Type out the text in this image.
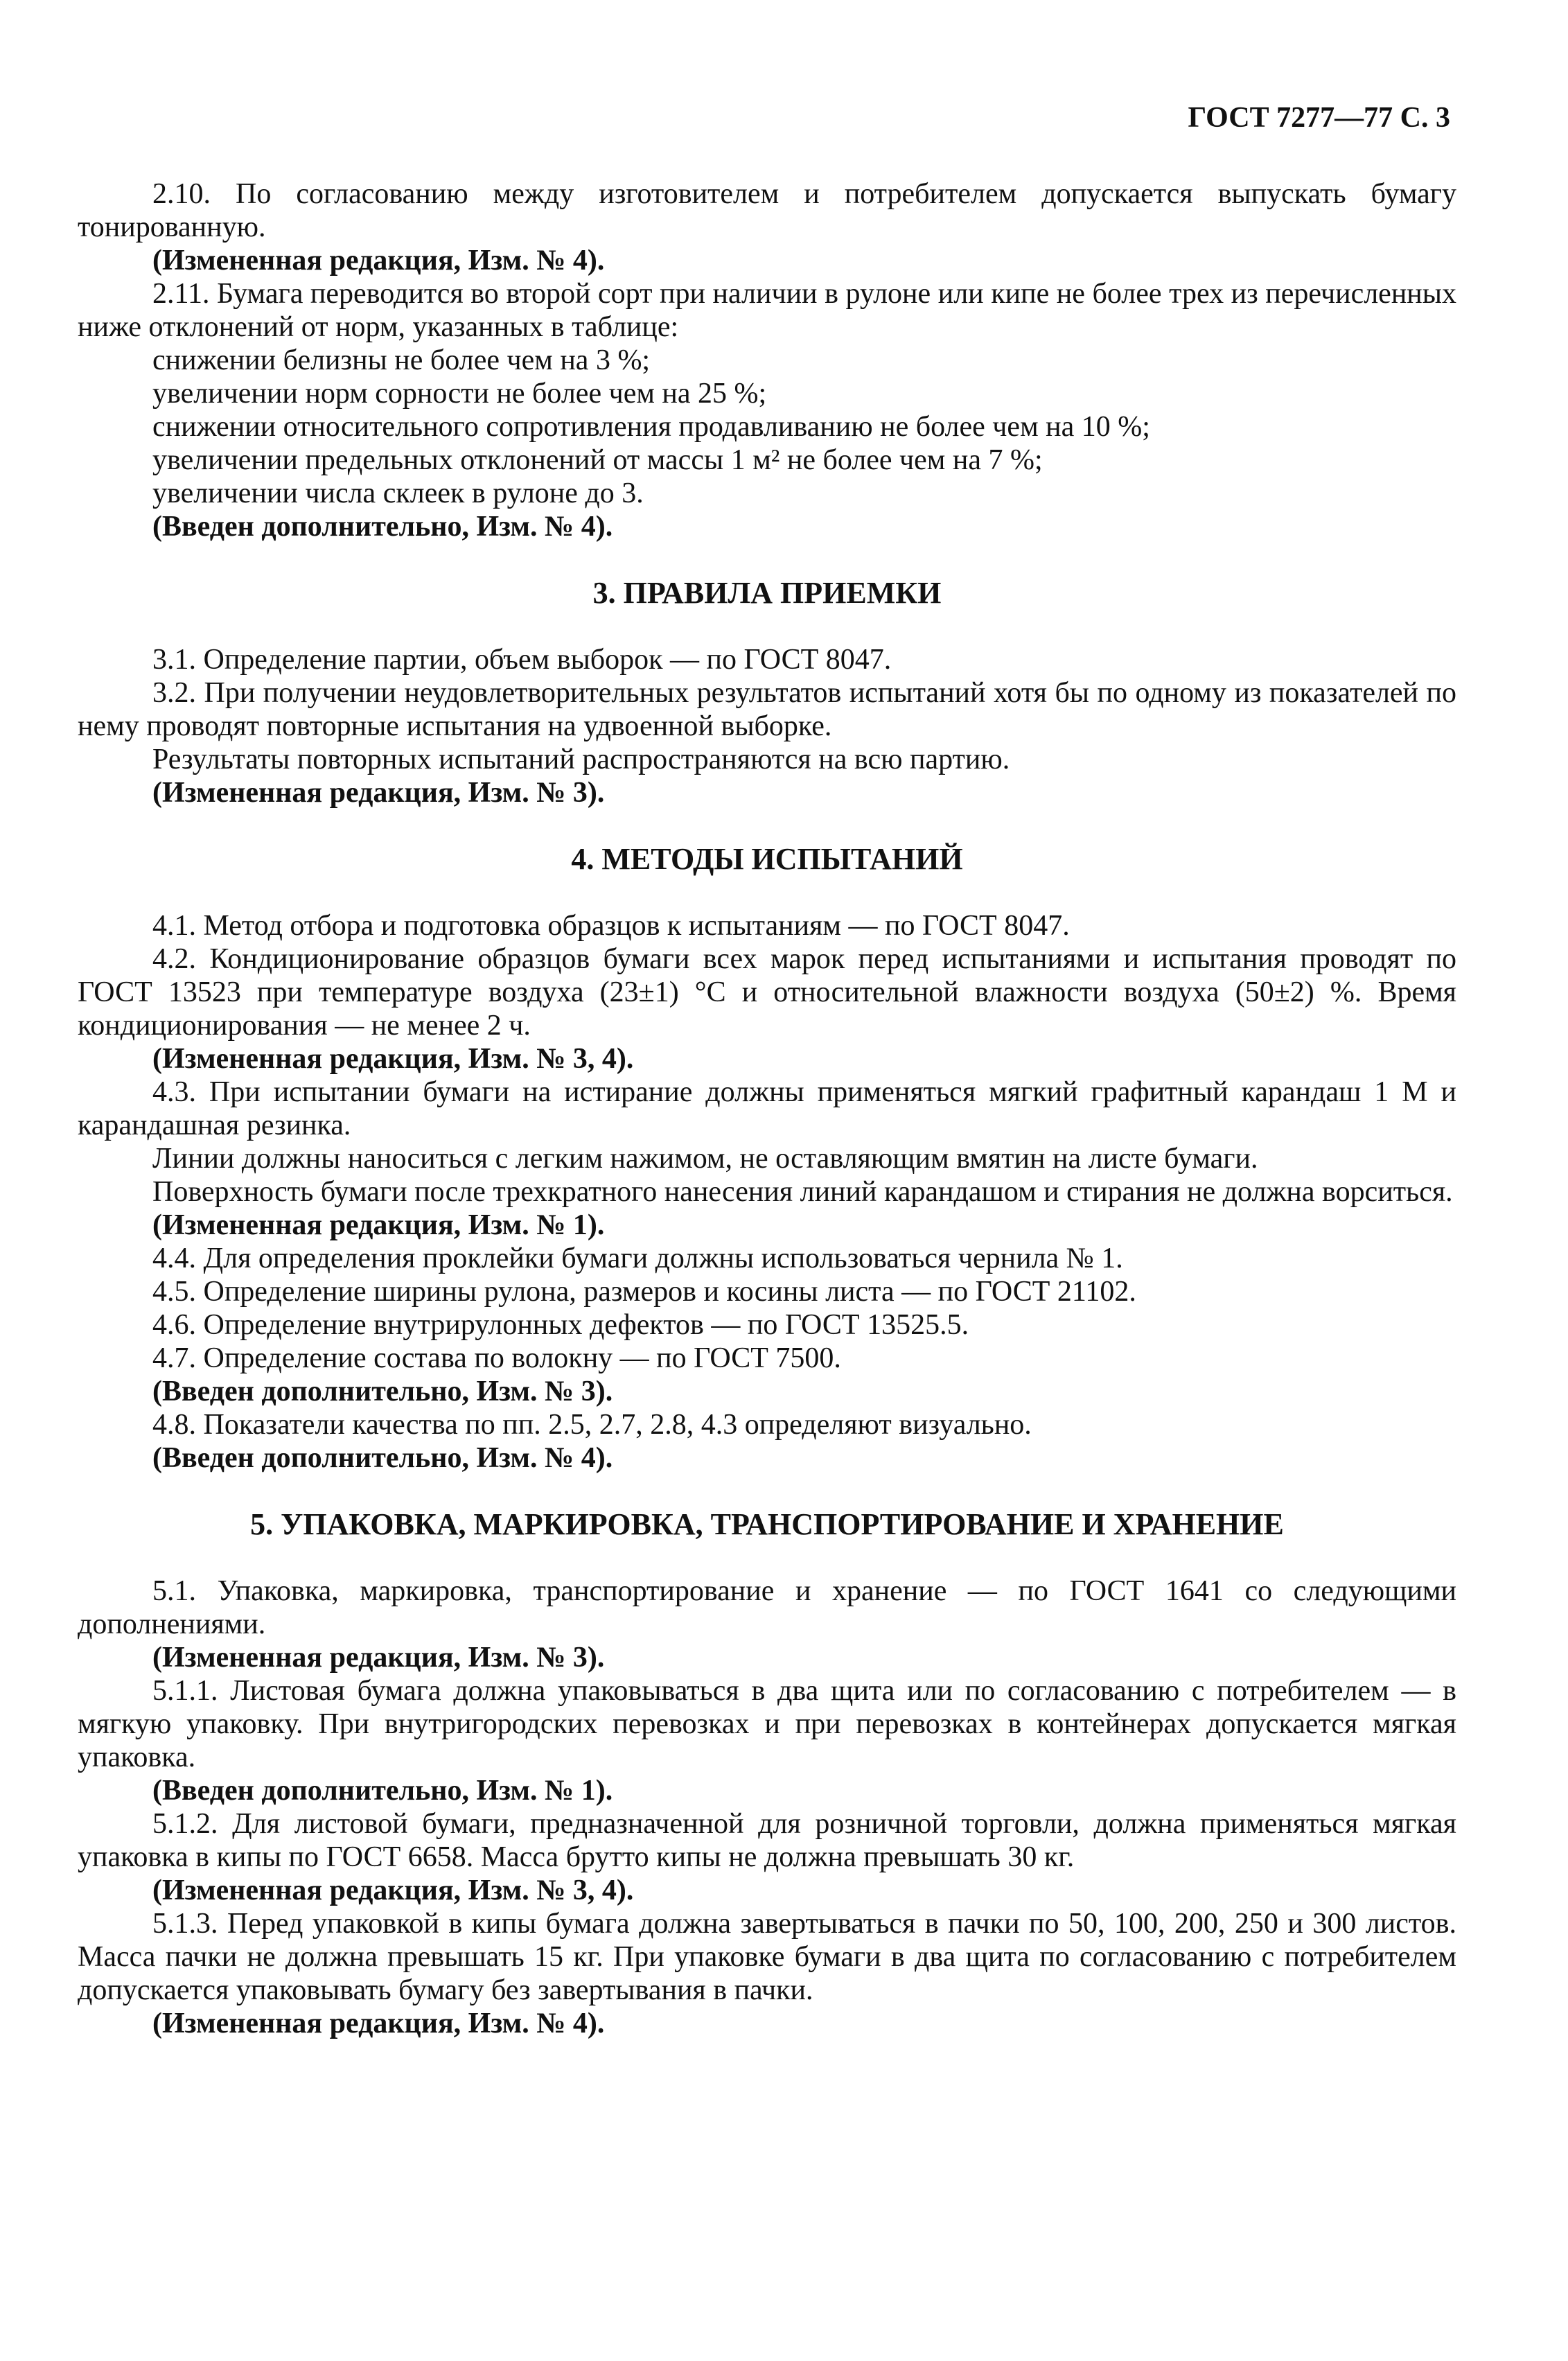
ГОСТ 7277—77 С. 3

2.10. По согласованию между изготовителем и потребителем допускается выпускать бумагу тонированную.

(Измененная редакция, Изм. № 4).

2.11. Бумага переводится во второй сорт при наличии в рулоне или кипе не более трех из перечисленных ниже отклонений от норм, указанных в таблице:

снижении белизны не более чем на 3 %;
увеличении норм сорности не более чем на 25 %;
снижении относительного сопротивления продавливанию не более чем на 10 %;
увеличении предельных отклонений от массы 1 м² не более чем на 7 %;
увеличении числа склеек в рулоне до 3.

(Введен дополнительно, Изм. № 4).

3. ПРАВИЛА ПРИЕМКИ

3.1. Определение партии, объем выборок — по ГОСТ 8047.

3.2. При получении неудовлетворительных результатов испытаний хотя бы по одному из показателей по нему проводят повторные испытания на удвоенной выборке.

Результаты повторных испытаний распространяются на всю партию.

(Измененная редакция, Изм. № 3).

4. МЕТОДЫ ИСПЫТАНИЙ

4.1. Метод отбора и подготовка образцов к испытаниям — по ГОСТ 8047.

4.2. Кондиционирование образцов бумаги всех марок перед испытаниями и испытания проводят по ГОСТ 13523 при температуре воздуха (23±1) °С и относительной влажности воздуха (50±2) %. Время кондиционирования — не менее 2 ч.

(Измененная редакция, Изм. № 3, 4).

4.3. При испытании бумаги на истирание должны применяться мягкий графитный карандаш 1 М и карандашная резинка.

Линии должны наноситься с легким нажимом, не оставляющим вмятин на листе бумаги.

Поверхность бумаги после трехкратного нанесения линий карандашом и стирания не должна ворситься.

(Измененная редакция, Изм. № 1).

4.4. Для определения проклейки бумаги должны использоваться чернила № 1.

4.5. Определение ширины рулона, размеров и косины листа — по ГОСТ 21102.

4.6. Определение внутрирулонных дефектов — по ГОСТ 13525.5.

4.7. Определение состава по волокну — по ГОСТ 7500.

(Введен дополнительно, Изм. № 3).

4.8. Показатели качества по пп. 2.5, 2.7, 2.8, 4.3 определяют визуально.

(Введен дополнительно, Изм. № 4).

5. УПАКОВКА, МАРКИРОВКА, ТРАНСПОРТИРОВАНИЕ И ХРАНЕНИЕ

5.1. Упаковка, маркировка, транспортирование и хранение — по ГОСТ 1641 со следующими дополнениями.

(Измененная редакция, Изм. № 3).

5.1.1. Листовая бумага должна упаковываться в два щита или по согласованию с потребителем — в мягкую упаковку. При внутригородских перевозках и при перевозках в контейнерах допускается мягкая упаковка.

(Введен дополнительно, Изм. № 1).

5.1.2. Для листовой бумаги, предназначенной для розничной торговли, должна применяться мягкая упаковка в кипы по ГОСТ 6658. Масса брутто кипы не должна превышать 30 кг.

(Измененная редакция, Изм. № 3, 4).

5.1.3. Перед упаковкой в кипы бумага должна завертываться в пачки по 50, 100, 200, 250 и 300 листов. Масса пачки не должна превышать 15 кг. При упаковке бумаги в два щита по согласованию с потребителем допускается упаковывать бумагу без завертывания в пачки.

(Измененная редакция, Изм. № 4).
